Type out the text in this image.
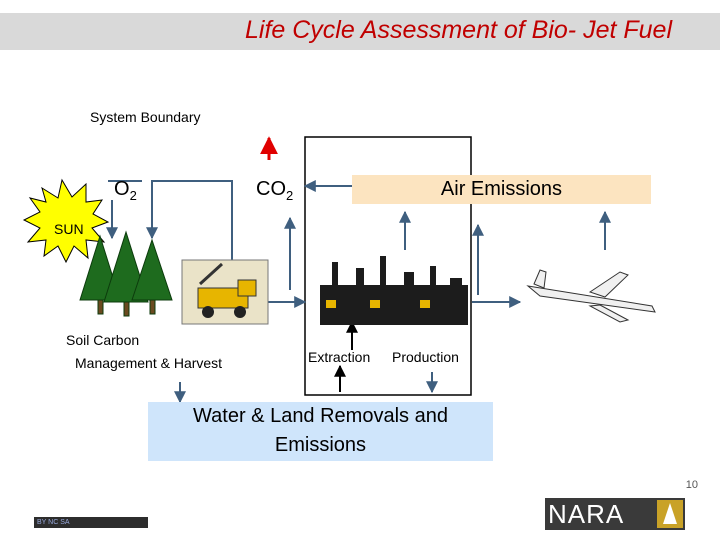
Life Cycle Assessment of Bio- Jet Fuel
System Boundary
$O_2$	$CO_2$
SUN
Air Emissions
Soil Carbon
Management & Harvest	Extraction Production
Water & Land Removals and Emissions
10
BY NC SA	NARA
